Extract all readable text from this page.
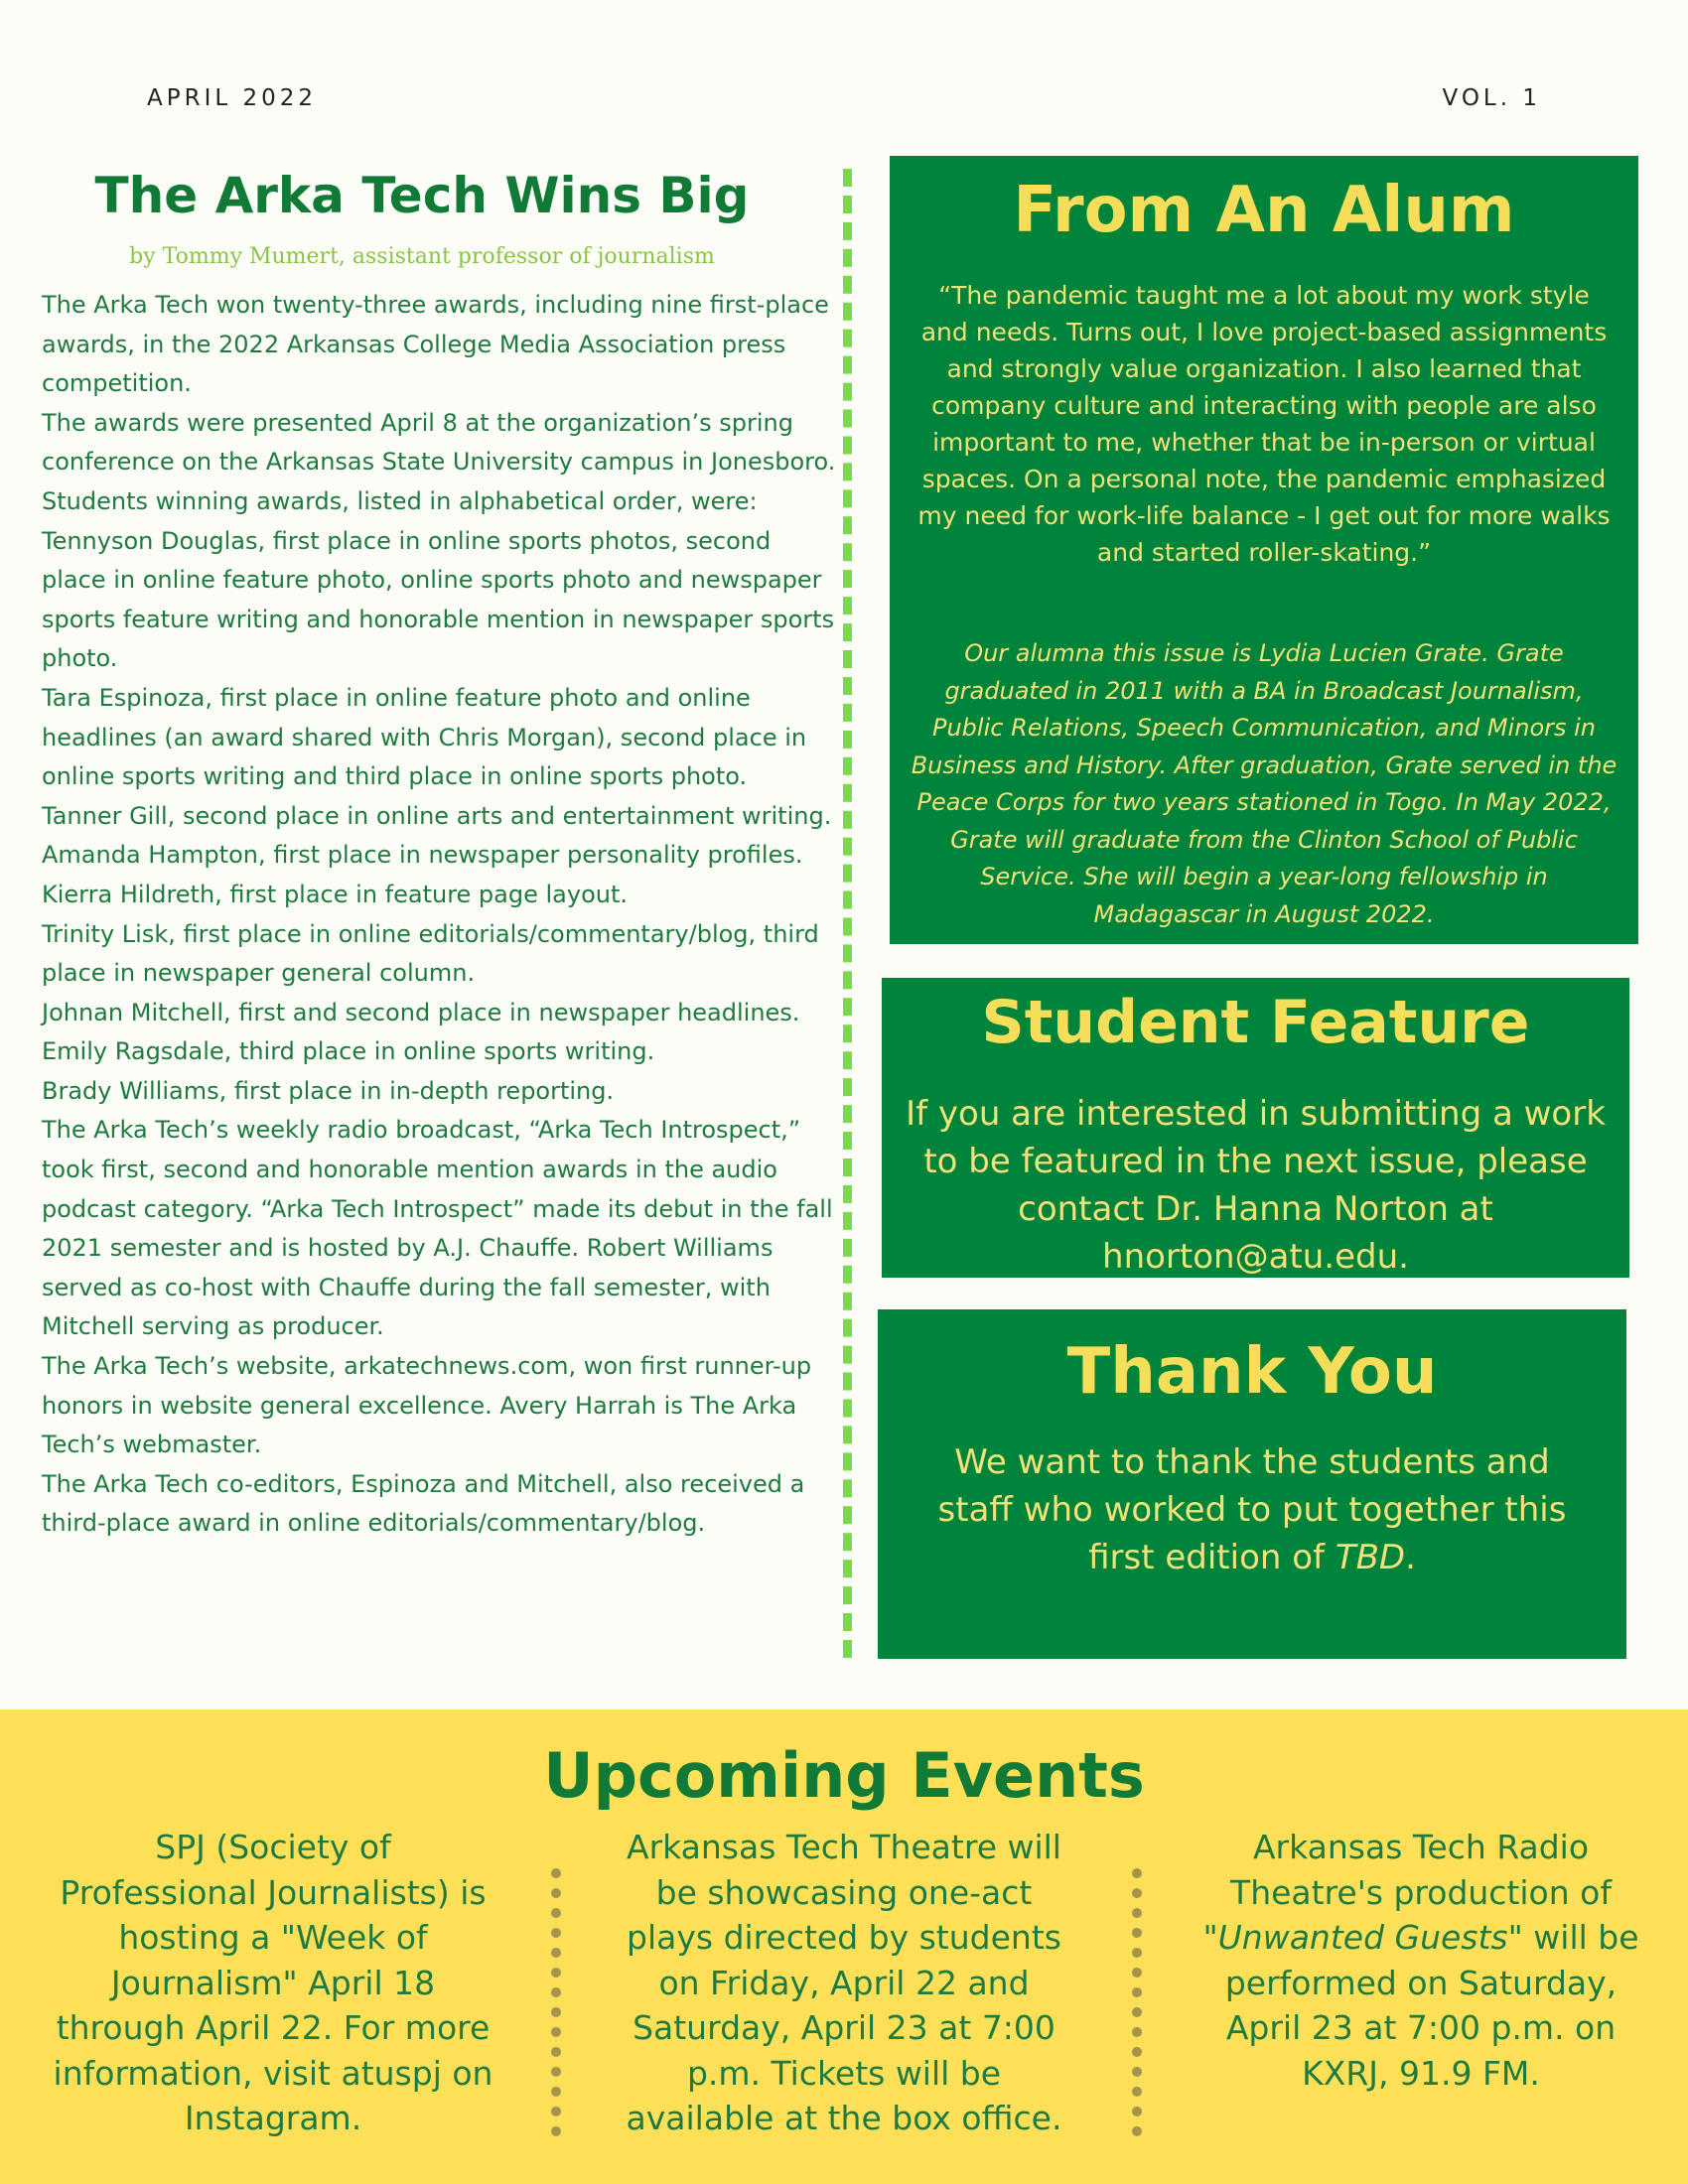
APRIL 2022	VOL. 1
The Arka Tech Wins Big
by Tommy Mumert, assistant professor of journalism

The Arka Tech won twenty-three awards, including nine first-place awards, in the 2022 Arkansas College Media Association press competition.

The awards were presented April 8 at the organization’s spring conference on the Arkansas State University campus in Jonesboro.

Students winning awards, listed in alphabetical order, were:

Tennyson Douglas, first place in online sports photos, second place in online feature photo, online sports photo and newspaper sports feature writing and honorable mention in newspaper sports photo.

Tara Espinoza, first place in online feature photo and online headlines (an award shared with Chris Morgan), second place in online sports writing and third place in online sports photo.

Tanner Gill, second place in online arts and entertainment writing.

Amanda Hampton, first place in newspaper personality profiles.

Kierra Hildreth, first place in feature page layout.

Trinity Lisk, first place in online editorials/commentary/blog, third place in newspaper general column.

Johnan Mitchell, first and second place in newspaper headlines.

Emily Ragsdale, third place in online sports writing.

Brady Williams, first place in in-depth reporting.

The Arka Tech’s weekly radio broadcast, “Arka Tech Introspect,” took first, second and honorable mention awards in the audio podcast category. “Arka Tech Introspect” made its debut in the fall 2021 semester and is hosted by A.J. Chauffe. Robert Williams served as co-host with Chauffe during the fall semester, with Mitchell serving as producer.

The Arka Tech’s website, arkatechnews.com, won first runner-up honors in website general excellence. Avery Harrah is The Arka Tech’s webmaster.

The Arka Tech co-editors, Espinoza and Mitchell, also received a third-place award in online editorials/commentary/blog.

From An Alum
“The pandemic taught me a lot about my work style and needs. Turns out, I love project-based assignments and strongly value organization. I also learned that company culture and interacting with people are also important to me, whether that be in-person or virtual spaces. On a personal note, the pandemic emphasized my need for work-life balance - I get out for more walks and started roller-skating.”
Our alumna this issue is Lydia Lucien Grate. Grate graduated in 2011 with a BA in Broadcast Journalism, Public Relations, Speech Communication, and Minors in Business and History. After graduation, Grate served in the Peace Corps for two years stationed in Togo. In May 2022, Grate will graduate from the Clinton School of Public Service. She will begin a year-long fellowship in Madagascar in August 2022.
Student Feature
If you are interested in submitting a work to be featured in the next issue, please contact Dr. Hanna Norton at hnorton@atu.edu.
Thank You
We want to thank the students and staff who worked to put together this first edition of TBD.
Upcoming Events
SPJ (Society of Professional Journalists) is hosting a "Week of Journalism" April 18 through April 22. For more information, visit atuspj on Instagram.
Arkansas Tech Theatre will be showcasing one-act plays directed by students on Friday, April 22 and Saturday, April 23 at 7:00 p.m. Tickets will be available at the box office.
Arkansas Tech Radio Theatre's production of "Unwanted Guests" will be performed on Saturday, April 23 at 7:00 p.m. on KXRJ, 91.9 FM.
